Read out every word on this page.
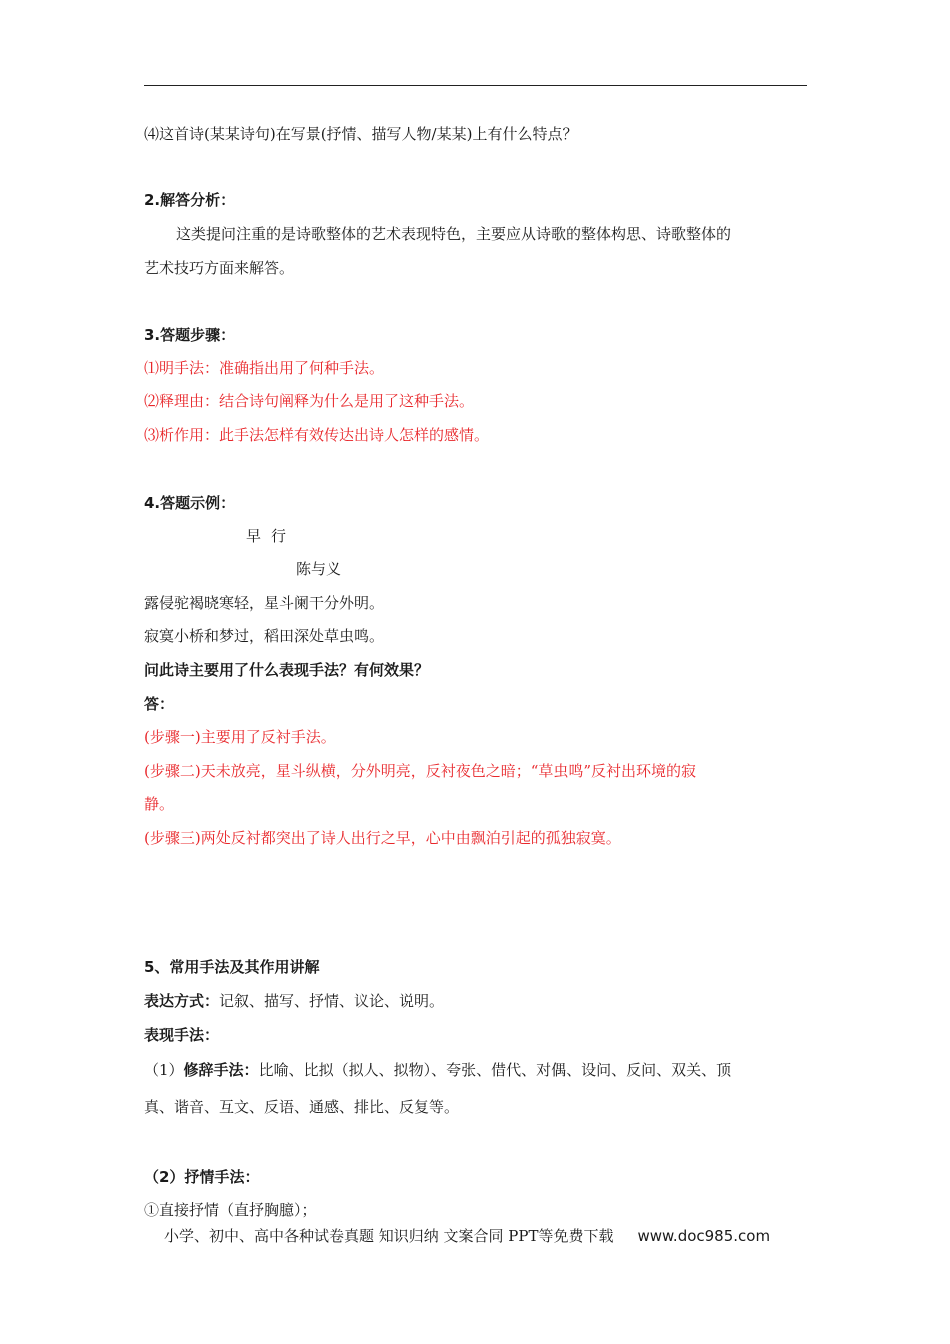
⑷这首诗(某某诗句)在写景(抒情、描写人物/某某)上有什么特点？
2.解答分析：
这类提问注重的是诗歌整体的艺术表现特色，主要应从诗歌的整体构思、诗歌整体的
艺术技巧方面来解答。
3.答题步骤：
⑴明手法：准确指出用了何种手法。
⑵释理由：结合诗句阐释为什么是用了这种手法。
⑶析作用：此手法怎样有效传达出诗人怎样的感情。
4.答题示例：
早行
陈与义
露侵驼褐晓寒轻，星斗阑干分外明。
寂寞小桥和梦过，稻田深处草虫鸣。
问此诗主要用了什么表现手法？有何效果？
答：
(步骤一)主要用了反衬手法。
(步骤二)天未放亮，星斗纵横，分外明亮，反衬夜色之暗；“草虫鸣”反衬出环境的寂
静。
(步骤三)两处反衬都突出了诗人出行之早，心中由飘泊引起的孤独寂寞。
5、常用手法及其作用讲解
表达方式：记叙、描写、抒情、议论、说明。
表现手法：
（1）修辞手法：比喻、比拟（拟人、拟物）、夸张、借代、对偶、设问、反问、双关、顶
真、谐音、互文、反语、通感、排比、反复等。
（2）抒情手法：
①直接抒情（直抒胸臆）；
小学、初中、高中各种试卷真题 知识归纳 文案合同 PPT等免费下载 www.doc985.com
